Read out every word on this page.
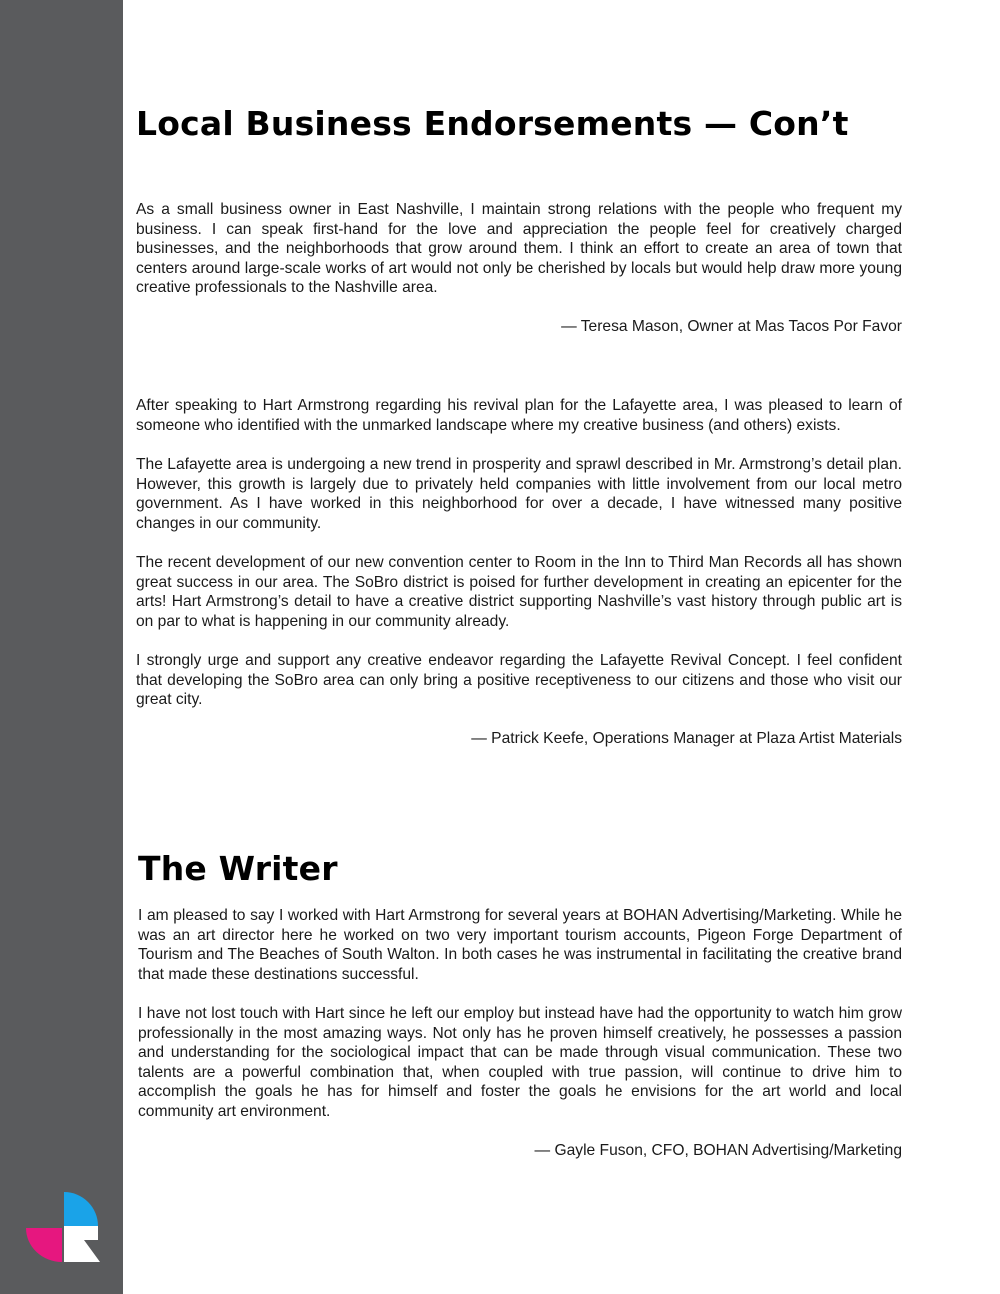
Local Business Endorsements — Con’t

As a small business owner in East Nashville, I maintain strong relations with the people who frequent my business. I can speak first-hand for the love and appreciation the people feel for creatively charged businesses, and the neighborhoods that grow around them. I think an effort to create an area of town that centers around large-scale works of art would not only be cherished by locals but would help draw more young creative professionals to the Nashville area.

— Teresa Mason, Owner at Mas Tacos Por Favor

After speaking to Hart Armstrong regarding his revival plan for the Lafayette area, I was pleased to learn of someone who identified with the unmarked landscape where my creative business (and others) exists.

The Lafayette area is undergoing a new trend in prosperity and sprawl described in Mr. Armstrong’s detail plan. However, this growth is largely due to privately held companies with little involvement from our local metro government. As I have worked in this neighborhood for over a decade, I have witnessed many positive changes in our community.

The recent development of our new convention center to Room in the Inn to Third Man Records all has shown great success in our area. The SoBro district is poised for further development in creating an epicenter for the arts! Hart Armstrong’s detail to have a creative district supporting Nashville’s vast history through public art is on par to what is happening in our community already.

I strongly urge and support any creative endeavor regarding the Lafayette Revival Concept. I feel confident that developing the SoBro area can only bring a positive receptiveness to our citizens and those who visit our great city.

— Patrick Keefe, Operations Manager at Plaza Artist Materials

The Writer

I am pleased to say I worked with Hart Armstrong for several years at BOHAN Advertising/Marketing. While he was an art director here he worked on two very important tourism accounts, Pigeon Forge Department of Tourism and The Beaches of South Walton. In both cases he was instrumental in facilitating the creative brand that made these destinations successful.

I have not lost touch with Hart since he left our employ but instead have had the opportunity to watch him grow professionally in the most amazing ways. Not only has he proven himself creatively, he possesses a passion and understanding for the sociological impact that can be made through visual communication. These two talents are a powerful combination that, when coupled with true passion, will continue to drive him to accomplish the goals he has for himself and foster the goals he envisions for the art world and local community art environment.

— Gayle Fuson, CFO, BOHAN Advertising/Marketing
